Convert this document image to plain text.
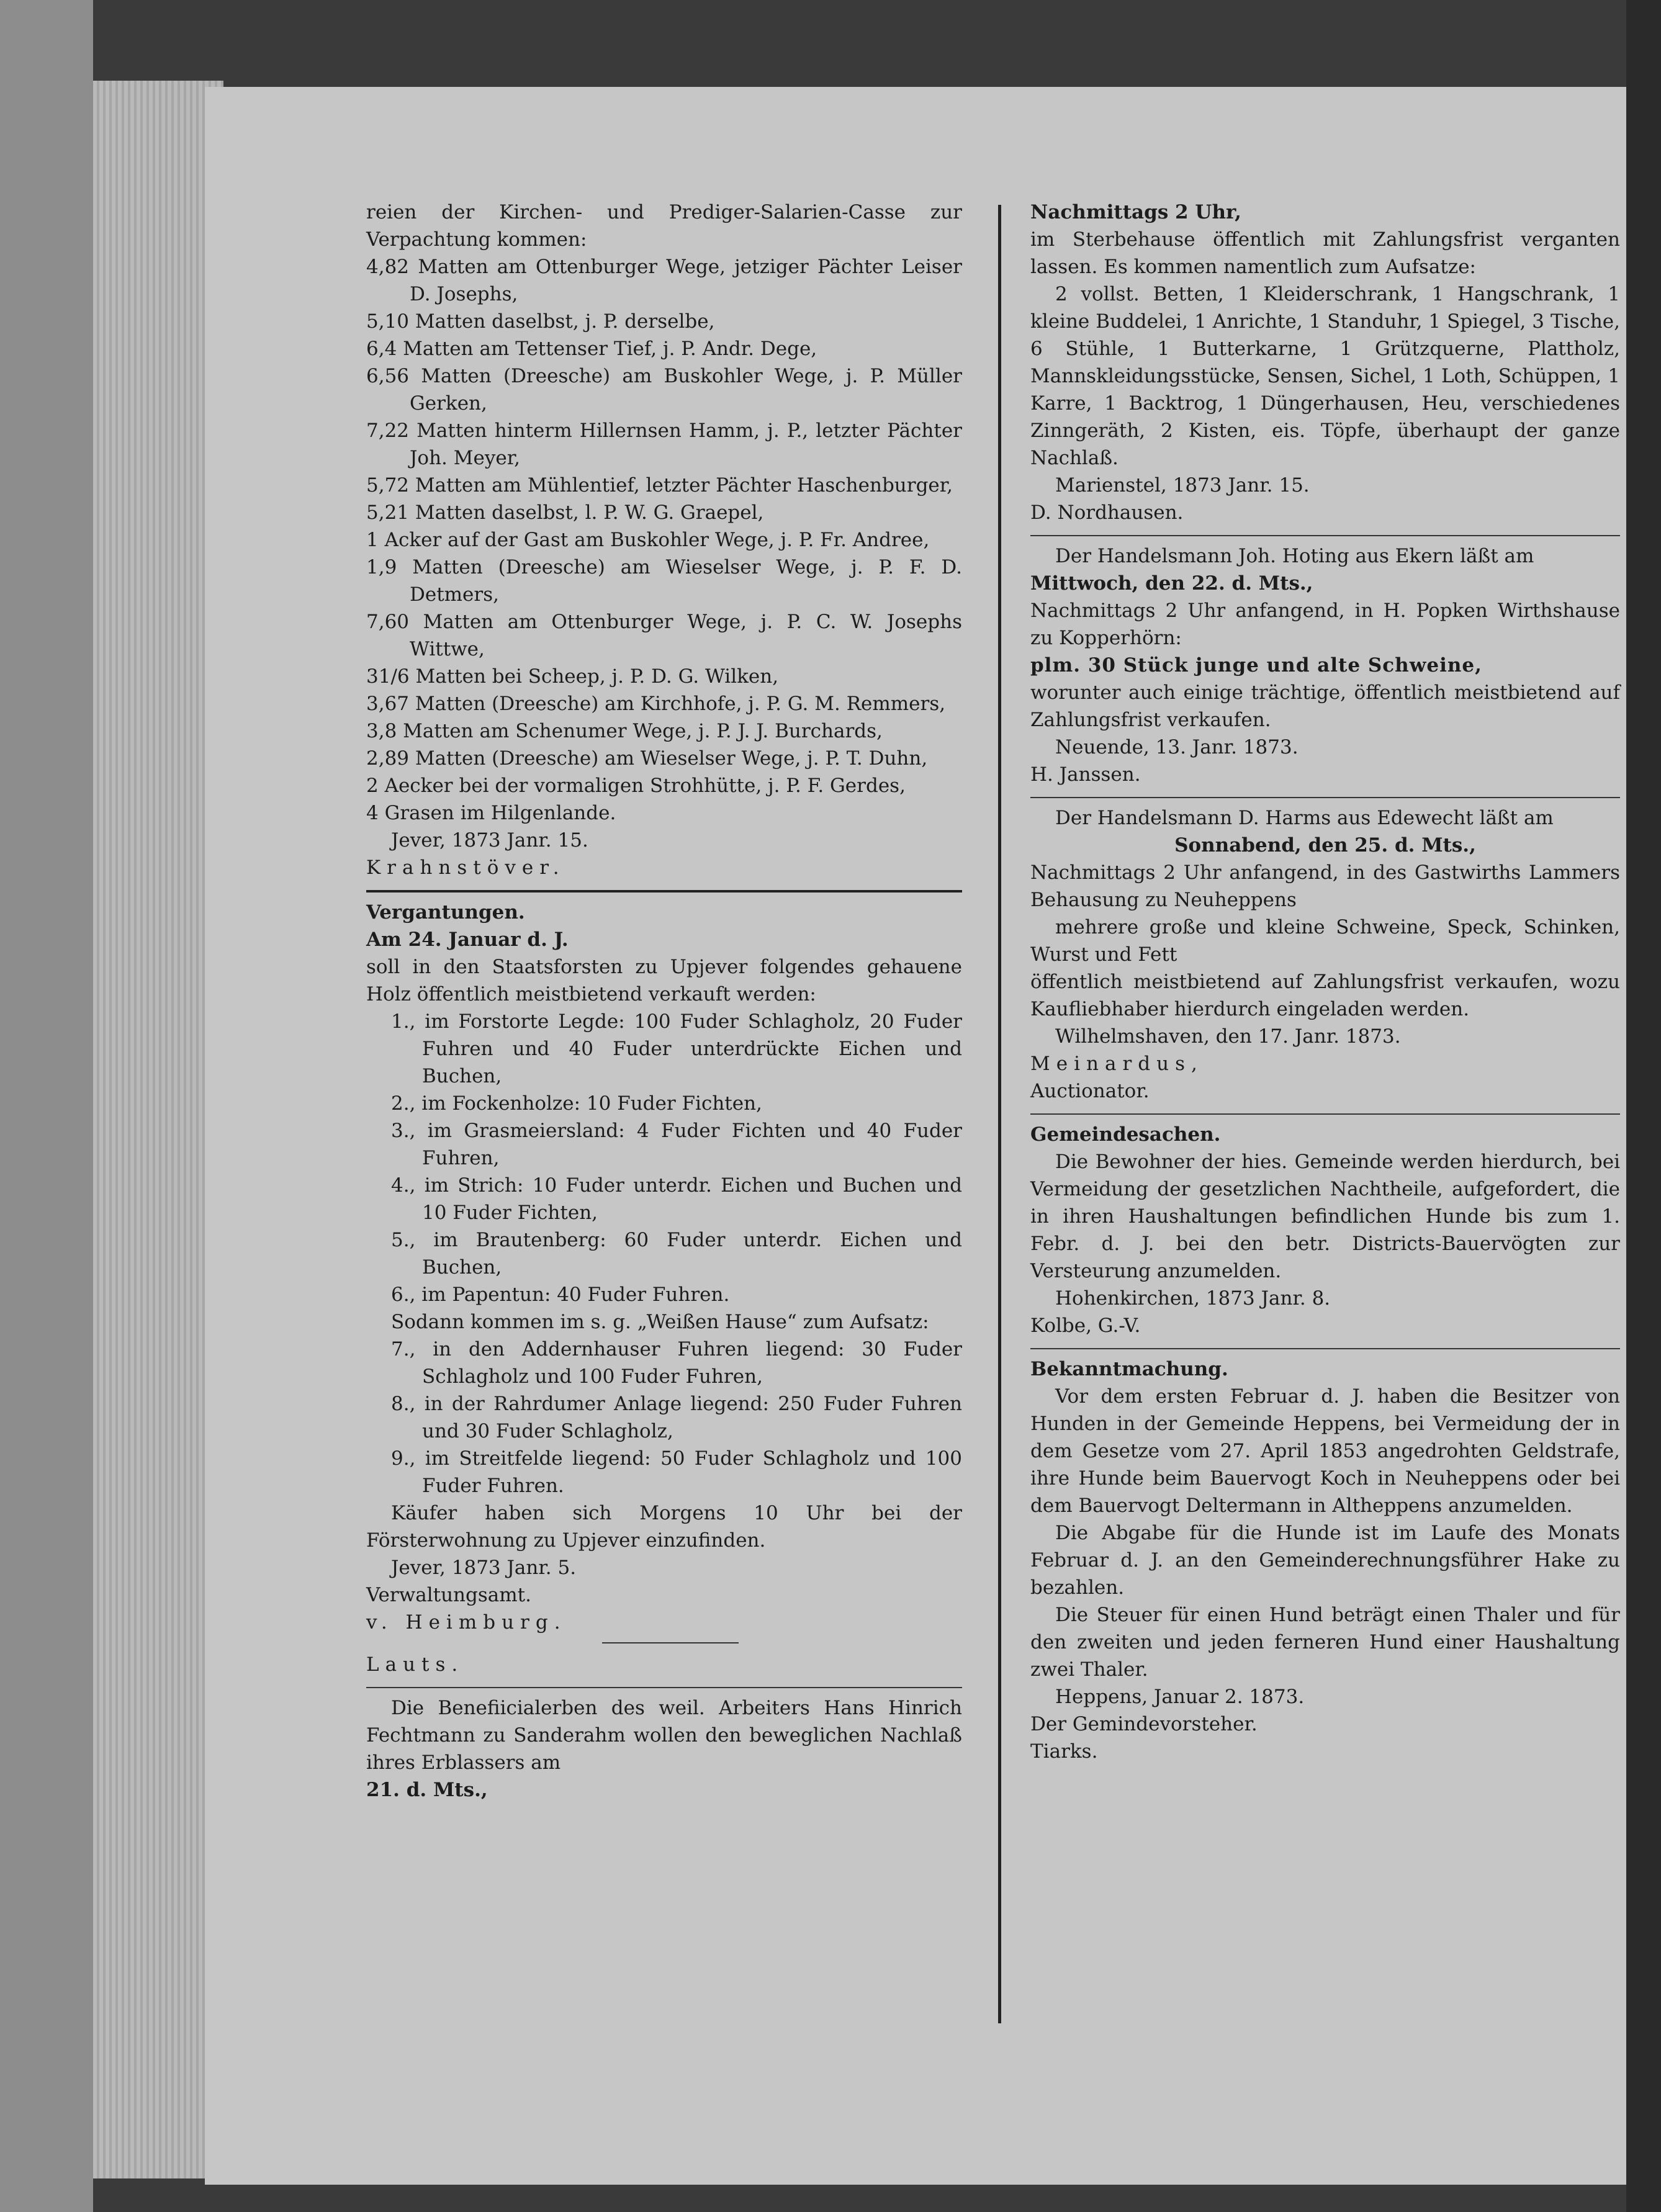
reien der Kirchen- und Prediger-Salarien-Casse zur Verpachtung kommen:

4,82 Matten am Ottenburger Wege, jetziger Pächter Leiser D. Josephs,

5,10 Matten daselbst, j. P. derselbe,

6,4 Matten am Tettenser Tief, j. P. Andr. Dege,

6,56 Matten (Dreesche) am Buskohler Wege, j. P. Müller Gerken,

7,22 Matten hinterm Hillernsen Hamm, j. P., letzter Pächter Joh. Meyer,

5,72 Matten am Mühlentief, letzter Pächter Haschenburger,

5,21 Matten daselbst, l. P. W. G. Graepel,

1 Acker auf der Gast am Buskohler Wege, j. P. Fr. Andree,

1,9 Matten (Dreesche) am Wieselser Wege, j. P. F. D. Detmers,

7,60 Matten am Ottenburger Wege, j. P. C. W. Josephs Wittwe,

31/6 Matten bei Scheep, j. P. D. G. Wilken,

3,67 Matten (Dreesche) am Kirchhofe, j. P. G. M. Remmers,

3,8 Matten am Schenumer Wege, j. P. J. J. Burchards,

2,89 Matten (Dreesche) am Wieselser Wege, j. P. T. Duhn,

2 Aecker bei der vormaligen Strohhütte, j. P. F. Gerdes,

4 Grasen im Hilgenlande.

Jever, 1873 Janr. 15.

Krahnstöver.

Vergantungen.

Am 24. Januar d. J.

soll in den Staatsforsten zu Upjever folgendes gehauene Holz öffentlich meistbietend verkauft werden:

1., im Forstorte Legde: 100 Fuder Schlagholz, 20 Fuder Fuhren und 40 Fuder unterdrückte Eichen und Buchen,

2., im Fockenholze: 10 Fuder Fichten,

3., im Grasmeiersland: 4 Fuder Fichten und 40 Fuder Fuhren,

4., im Strich: 10 Fuder unterdr. Eichen und Buchen und 10 Fuder Fichten,

5., im Brautenberg: 60 Fuder unterdr. Eichen und Buchen,

6., im Papentun: 40 Fuder Fuhren.

Sodann kommen im s. g. „Weißen Hause“ zum Aufsatz:

7., in den Addernhauser Fuhren liegend: 30 Fuder Schlagholz und 100 Fuder Fuhren,

8., in der Rahrdumer Anlage liegend: 250 Fuder Fuhren und 30 Fuder Schlagholz,

9., im Streitfelde liegend: 50 Fuder Schlagholz und 100 Fuder Fuhren.

Käufer haben sich Morgens 10 Uhr bei der Försterwohnung zu Upjever einzufinden.

Jever, 1873 Janr. 5.

Verwaltungsamt.

v. Heimburg.

Lauts.

Die Benefiicialerben des weil. Arbeiters Hans Hinrich Fechtmann zu Sanderahm wollen den beweglichen Nachlaß ihres Erblassers am

21. d. Mts.,

Nachmittags 2 Uhr,

im Sterbehause öffentlich mit Zahlungsfrist verganten lassen. Es kommen namentlich zum Aufsatze:

2 vollst. Betten, 1 Kleiderschrank, 1 Hangschrank, 1 kleine Buddelei, 1 Anrichte, 1 Standuhr, 1 Spiegel, 3 Tische, 6 Stühle, 1 Butterkarne, 1 Grützquerne, Plattholz, Mannskleidungsstücke, Sensen, Sichel, 1 Loth, Schüppen, 1 Karre, 1 Backtrog, 1 Düngerhausen, Heu, verschiedenes Zinngeräth, 2 Kisten, eis. Töpfe, überhaupt der ganze Nachlaß.

Marienstel, 1873 Janr. 15.

D. Nordhausen.

Der Handelsmann Joh. Hoting aus Ekern läßt am

Mittwoch, den 22. d. Mts.,

Nachmittags 2 Uhr anfangend, in H. Popken Wirthshause zu Kopperhörn:

plm. 30 Stück junge und alte Schweine,

worunter auch einige trächtige, öffentlich meistbietend auf Zahlungsfrist verkaufen.

Neuende, 13. Janr. 1873.

H. Janssen.

Der Handelsmann D. Harms aus Edewecht läßt am

Sonnabend, den 25. d. Mts.,

Nachmittags 2 Uhr anfangend, in des Gastwirths Lammers Behausung zu Neuheppens

mehrere große und kleine Schweine, Speck, Schinken, Wurst und Fett

öffentlich meistbietend auf Zahlungsfrist verkaufen, wozu Kaufliebhaber hierdurch eingeladen werden.

Wilhelmshaven, den 17. Janr. 1873.

Meinardus,

Auctionator.

Gemeindesachen.

Die Bewohner der hies. Gemeinde werden hierdurch, bei Vermeidung der gesetzlichen Nachtheile, aufgefordert, die in ihren Haushaltungen befindlichen Hunde bis zum 1. Febr. d. J. bei den betr. Districts-Bauervögten zur Versteurung anzumelden.

Hohenkirchen, 1873 Janr. 8.

Kolbe, G.-V.

Bekanntmachung.

Vor dem ersten Februar d. J. haben die Besitzer von Hunden in der Gemeinde Heppens, bei Vermeidung der in dem Gesetze vom 27. April 1853 angedrohten Geldstrafe, ihre Hunde beim Bauervogt Koch in Neuheppens oder bei dem Bauervogt Deltermann in Altheppens anzumelden.

Die Abgabe für die Hunde ist im Laufe des Monats Februar d. J. an den Gemeinderechnungsführer Hake zu bezahlen.

Die Steuer für einen Hund beträgt einen Thaler und für den zweiten und jeden ferneren Hund einer Haushaltung zwei Thaler.

Heppens, Januar 2. 1873.

Der Gemindevorsteher.

Tiarks.
